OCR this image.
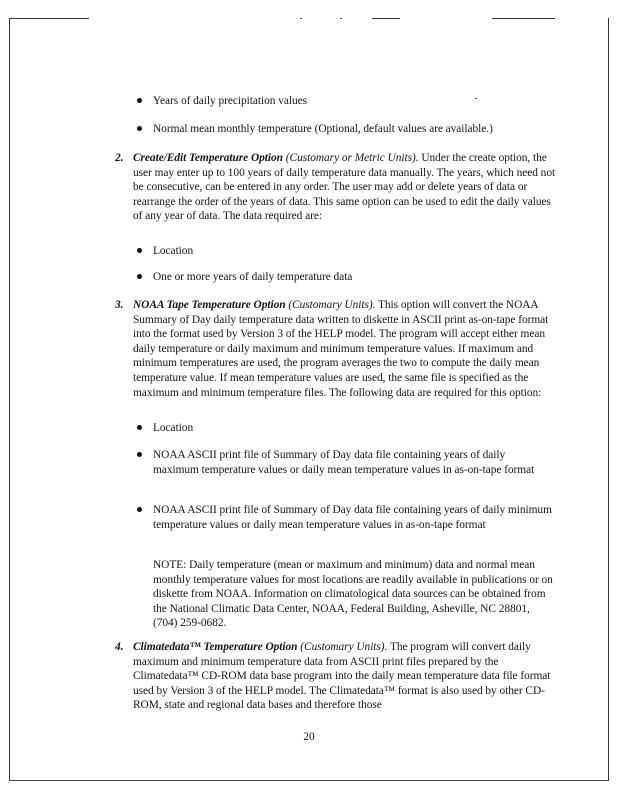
Years of daily precipitation values
Normal mean monthly temperature (Optional, default values are available.)
2. Create/Edit Temperature Option (Customary or Metric Units). Under the create option, the user may enter up to 100 years of daily temperature data manually. The years, which need not be consecutive, can be entered in any order. The user may add or delete years of data or rearrange the order of the years of data. This same option can be used to edit the daily values of any year of data. The data required are:
Location
One or more years of daily temperature data
3. NOAA Tape Temperature Option (Customary Units). This option will convert the NOAA Summary of Day daily temperature data written to diskette in ASCII print as-on-tape format into the format used by Version 3 of the HELP model. The program will accept either mean daily temperature or daily maximum and minimum temperature values. If maximum and minimum temperatures are used, the program averages the two to compute the daily mean temperature value. If mean temperature values are used, the same file is specified as the maximum and minimum temperature files. The following data are required for this option:
Location
NOAA ASCII print file of Summary of Day data file containing years of daily maximum temperature values or daily mean temperature values in as-on-tape format
NOAA ASCII print file of Summary of Day data file containing years of daily minimum temperature values or daily mean temperature values in as-on-tape format
NOTE: Daily temperature (mean or maximum and minimum) data and normal mean monthly temperature values for most locations are readily available in publications or on diskette from NOAA. Information on climatological data sources can be obtained from the National Climatic Data Center, NOAA, Federal Building, Asheville, NC 28801, (704) 259-0682.
4. Climatedata™ Temperature Option (Customary Units). The program will convert daily maximum and minimum temperature data from ASCII print files prepared by the Climatedata™ CD-ROM data base program into the daily mean temperature data file format used by Version 3 of the HELP model. The Climatedata™ format is also used by other CD-ROM, state and regional data bases and therefore those
20
